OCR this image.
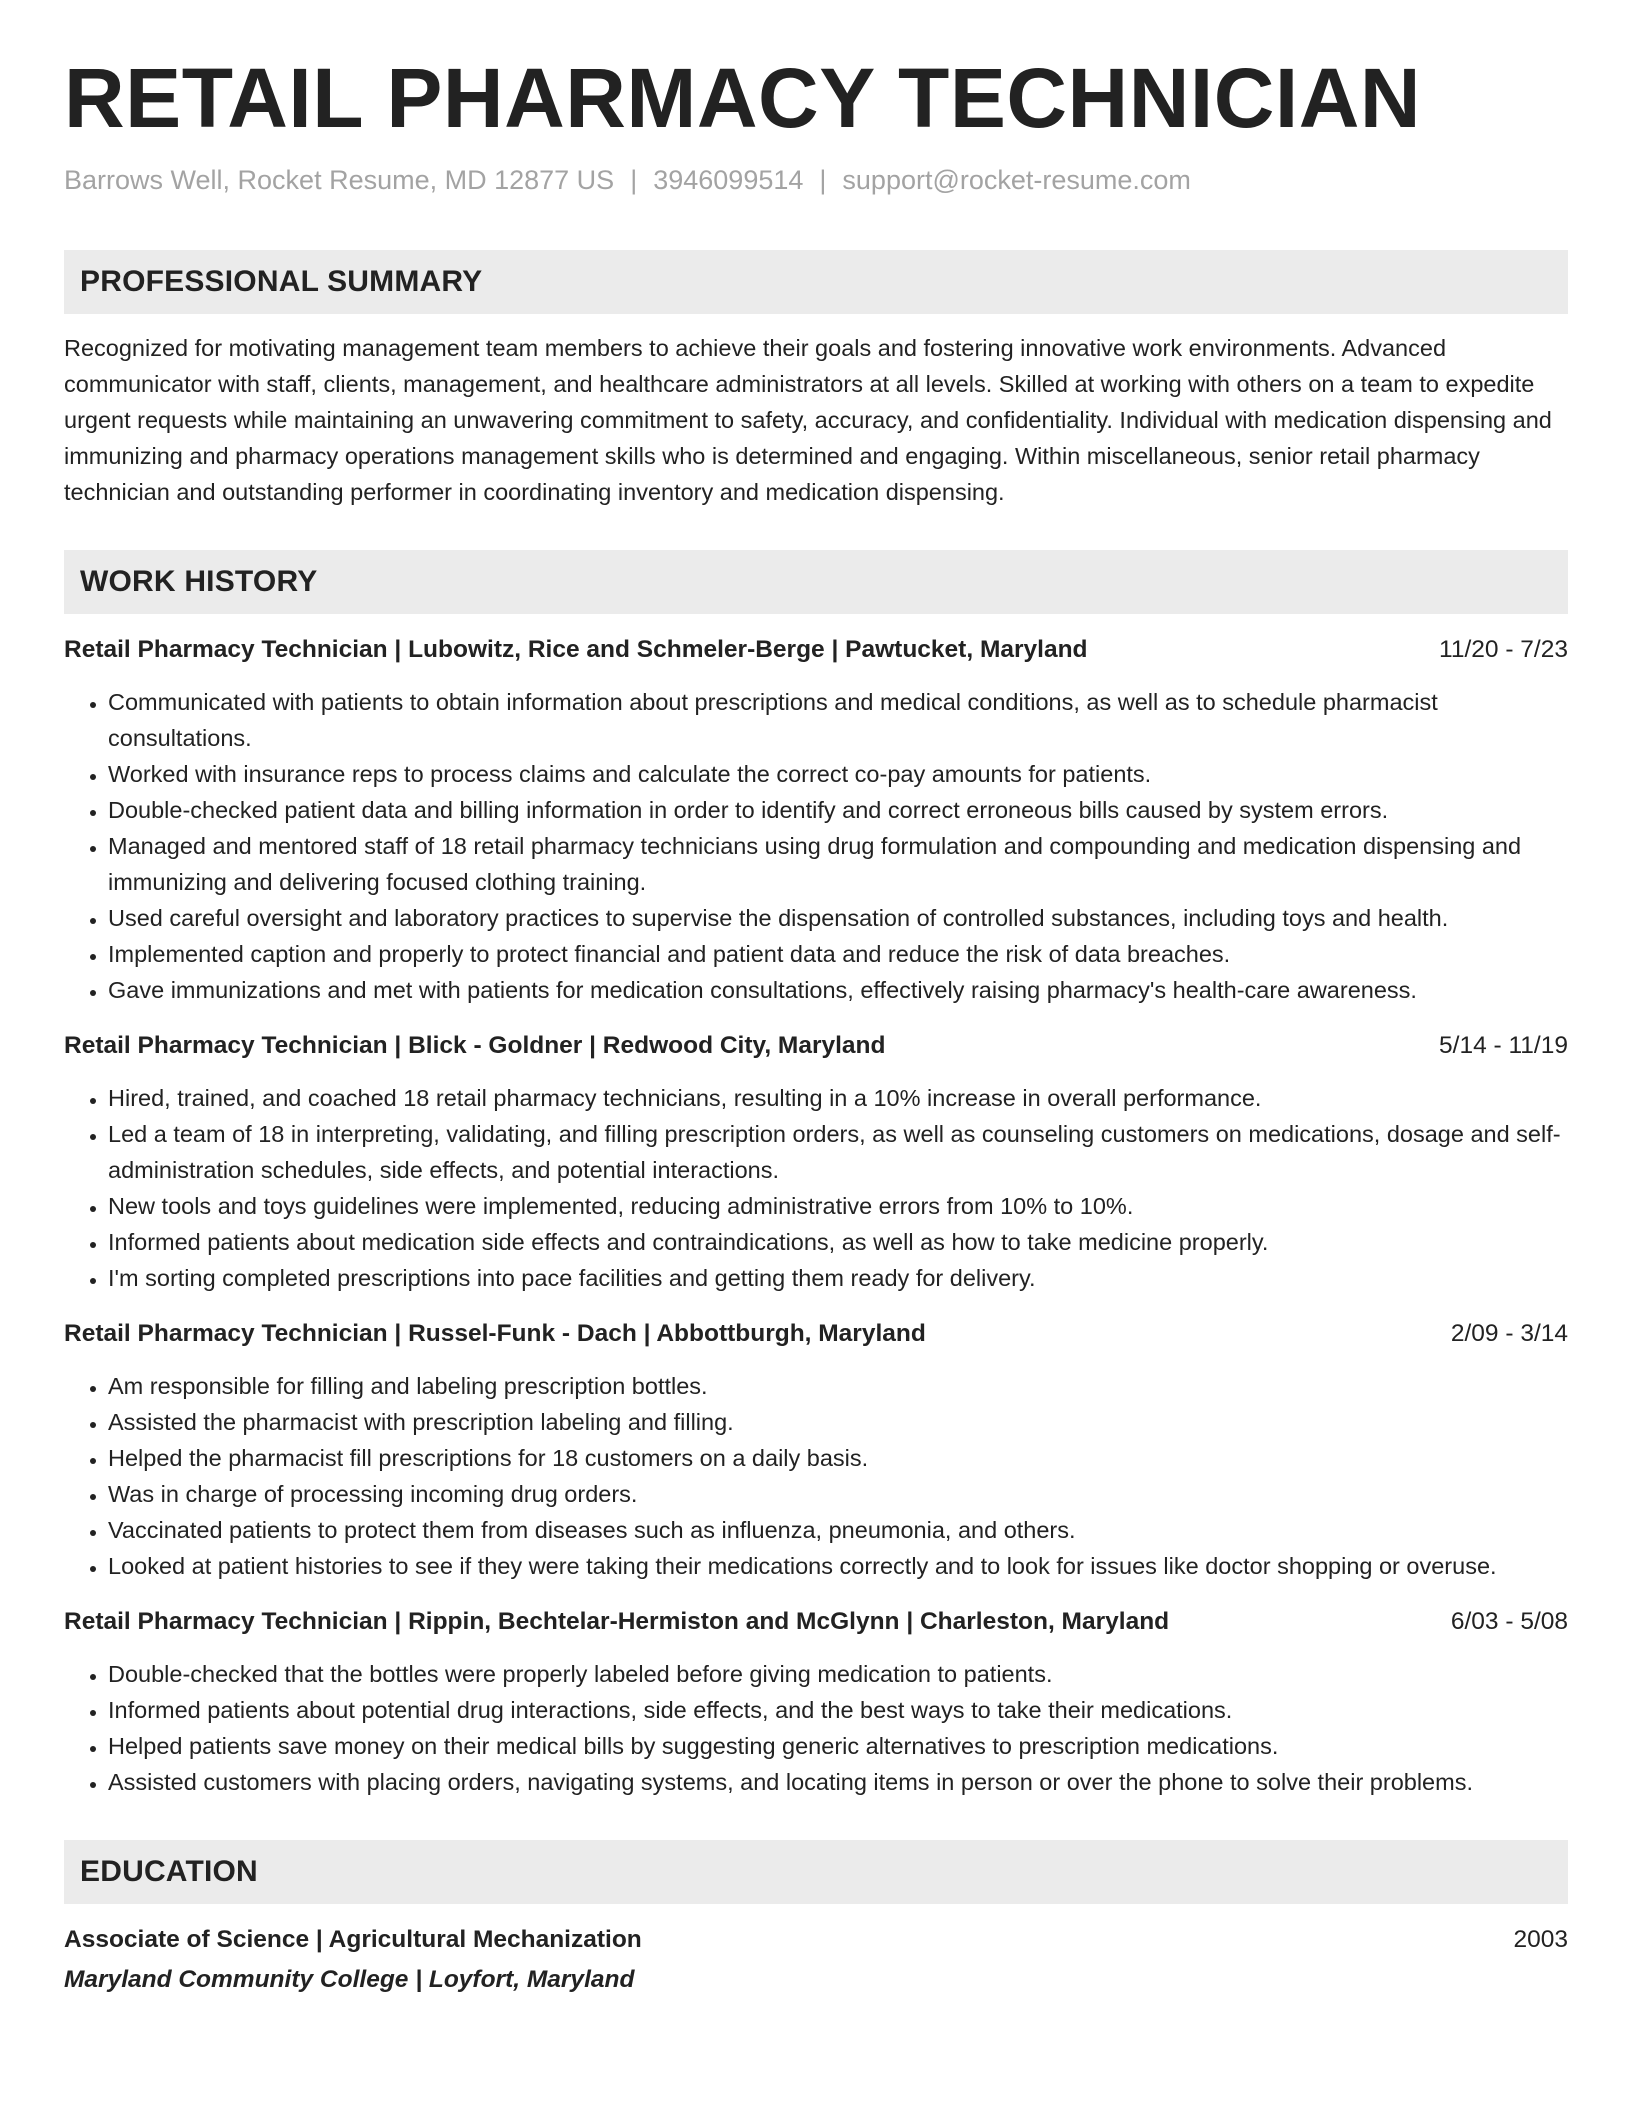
RETAIL PHARMACY TECHNICIAN
Barrows Well, Rocket Resume, MD 12877 US | 3946099514 | support@rocket-resume.com
PROFESSIONAL SUMMARY
Recognized for motivating management team members to achieve their goals and fostering innovative work environments. Advanced communicator with staff, clients, management, and healthcare administrators at all levels. Skilled at working with others on a team to expedite urgent requests while maintaining an unwavering commitment to safety, accuracy, and confidentiality. Individual with medication dispensing and immunizing and pharmacy operations management skills who is determined and engaging. Within miscellaneous, senior retail pharmacy technician and outstanding performer in coordinating inventory and medication dispensing.
WORK HISTORY
Retail Pharmacy Technician | Lubowitz, Rice and Schmeler-Berge | Pawtucket, Maryland	11/20 - 7/23
• Communicated with patients to obtain information about prescriptions and medical conditions, as well as to schedule pharmacist consultations.
• Worked with insurance reps to process claims and calculate the correct co-pay amounts for patients.
• Double-checked patient data and billing information in order to identify and correct erroneous bills caused by system errors.
• Managed and mentored staff of 18 retail pharmacy technicians using drug formulation and compounding and medication dispensing and immunizing and delivering focused clothing training.
• Used careful oversight and laboratory practices to supervise the dispensation of controlled substances, including toys and health.
• Implemented caption and properly to protect financial and patient data and reduce the risk of data breaches.
• Gave immunizations and met with patients for medication consultations, effectively raising pharmacy's health-care awareness.
Retail Pharmacy Technician | Blick - Goldner | Redwood City, Maryland	5/14 - 11/19
• Hired, trained, and coached 18 retail pharmacy technicians, resulting in a 10% increase in overall performance.
• Led a team of 18 in interpreting, validating, and filling prescription orders, as well as counseling customers on medications, dosage and self-administration schedules, side effects, and potential interactions.
• New tools and toys guidelines were implemented, reducing administrative errors from 10% to 10%.
• Informed patients about medication side effects and contraindications, as well as how to take medicine properly.
• I'm sorting completed prescriptions into pace facilities and getting them ready for delivery.
Retail Pharmacy Technician | Russel-Funk - Dach | Abbottburgh, Maryland	2/09 - 3/14
• Am responsible for filling and labeling prescription bottles.
• Assisted the pharmacist with prescription labeling and filling.
• Helped the pharmacist fill prescriptions for 18 customers on a daily basis.
• Was in charge of processing incoming drug orders.
• Vaccinated patients to protect them from diseases such as influenza, pneumonia, and others.
• Looked at patient histories to see if they were taking their medications correctly and to look for issues like doctor shopping or overuse.
Retail Pharmacy Technician | Rippin, Bechtelar-Hermiston and McGlynn | Charleston, Maryland	6/03 - 5/08
• Double-checked that the bottles were properly labeled before giving medication to patients.
• Informed patients about potential drug interactions, side effects, and the best ways to take their medications.
• Helped patients save money on their medical bills by suggesting generic alternatives to prescription medications.
• Assisted customers with placing orders, navigating systems, and locating items in person or over the phone to solve their problems.
EDUCATION
Associate of Science | Agricultural Mechanization	2003
Maryland Community College | Loyfort, Maryland
